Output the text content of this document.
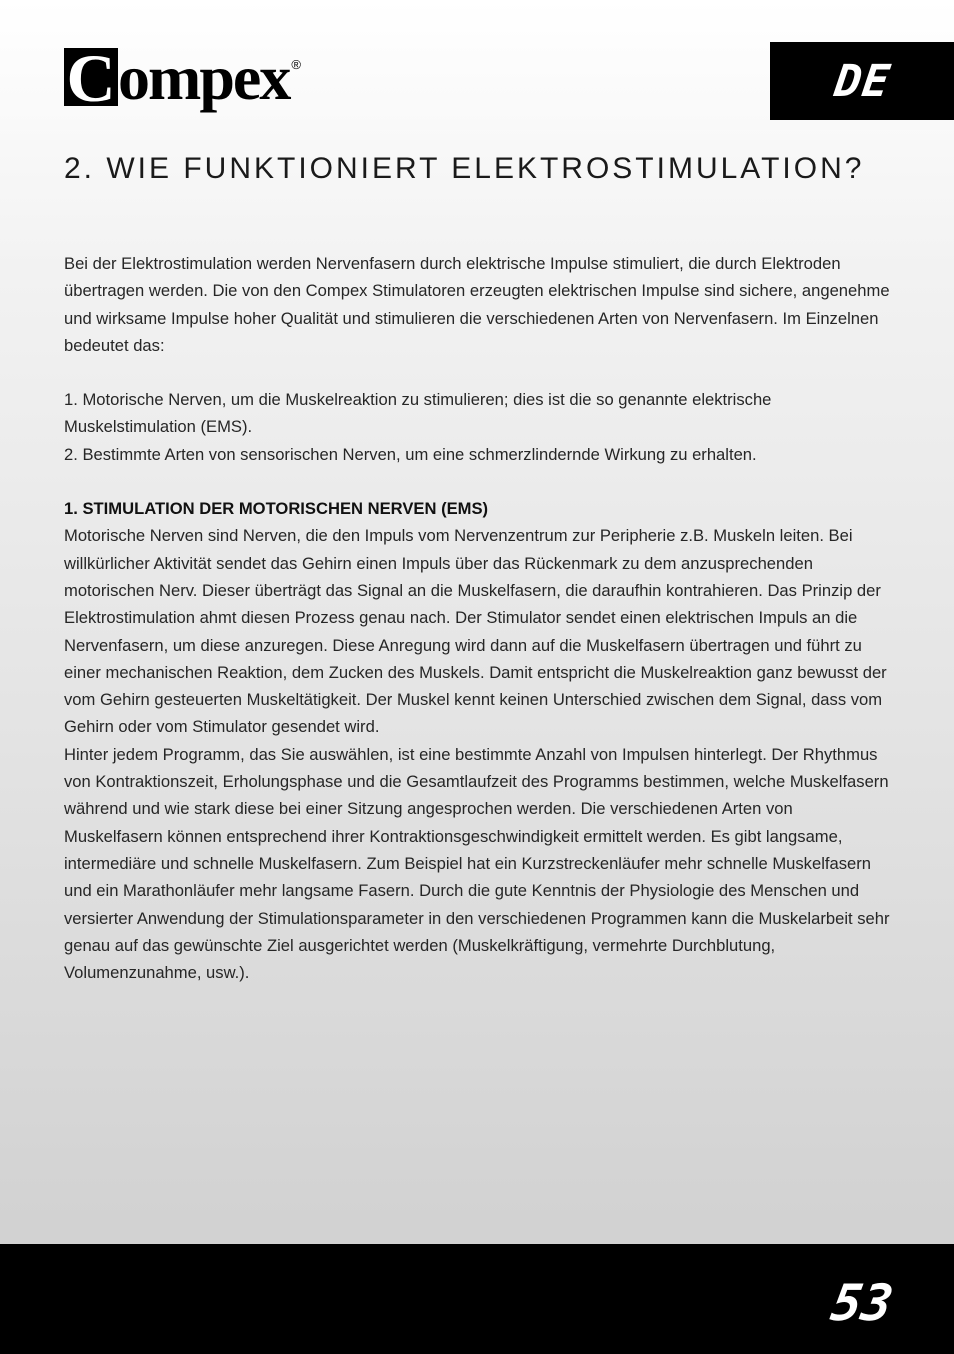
C ompex ®	DE
2. WIE FUNKTIONIERT ELEKTROSTIMULATION?

Bei der Elektrostimulation werden Nervenfasern durch elektrische Impulse stimuliert, die durch Elektroden übertragen werden. Die von den Compex Stimulatoren erzeugten elektrischen Impulse sind sichere, angenehme und wirksame Impulse hoher Qualität und stimulieren die verschiedenen Arten von Nervenfasern. Im Einzelnen bedeutet das:

1. Motorische Nerven, um die Muskelreaktion zu stimulieren; dies ist die so genannte elektrische Muskelstimulation (EMS).

2. Bestimmte Arten von sensorischen Nerven, um eine schmerzlindernde Wirkung zu erhalten.

1. STIMULATION DER MOTORISCHEN NERVEN (EMS)

Motorische Nerven sind Nerven, die den Impuls vom Nervenzentrum zur Peripherie z.B. Muskeln leiten. Bei willkürlicher Aktivität sendet das Gehirn einen Impuls über das Rückenmark zu dem anzusprechenden motorischen Nerv. Dieser überträgt das Signal an die Muskelfasern, die daraufhin kontrahieren. Das Prinzip der Elektrostimulation ahmt diesen Prozess genau nach. Der Stimulator sendet einen elektrischen Impuls an die Nervenfasern, um diese anzuregen. Diese Anregung wird dann auf die Muskelfasern übertragen und führt zu einer mechanischen Reaktion, dem Zucken des Muskels. Damit entspricht die Muskelreaktion ganz bewusst der vom Gehirn gesteuerten Muskeltätigkeit. Der Muskel kennt keinen Unterschied zwischen dem Signal, dass vom Gehirn oder vom Stimulator gesendet wird.

Hinter jedem Programm, das Sie auswählen, ist eine bestimmte Anzahl von Impulsen hinterlegt. Der Rhythmus von Kontraktionszeit, Erholungsphase und die Gesamtlaufzeit des Programms bestimmen, welche Muskelfasern während und wie stark diese bei einer Sitzung angesprochen werden. Die verschiedenen Arten von Muskelfasern können entsprechend ihrer Kontraktionsgeschwindigkeit ermittelt werden. Es gibt langsame, intermediäre und schnelle Muskelfasern. Zum Beispiel hat ein Kurzstreckenläufer mehr schnelle Muskelfasern und ein Marathonläufer mehr langsame Fasern. Durch die gute Kenntnis der Physiologie des Menschen und versierter Anwendung der Stimulationsparameter in den verschiedenen Programmen kann die Muskelarbeit sehr genau auf das gewünschte Ziel ausgerichtet werden (Muskelkräftigung, vermehrte Durchblutung, Volumenzunahme, usw.).

53
